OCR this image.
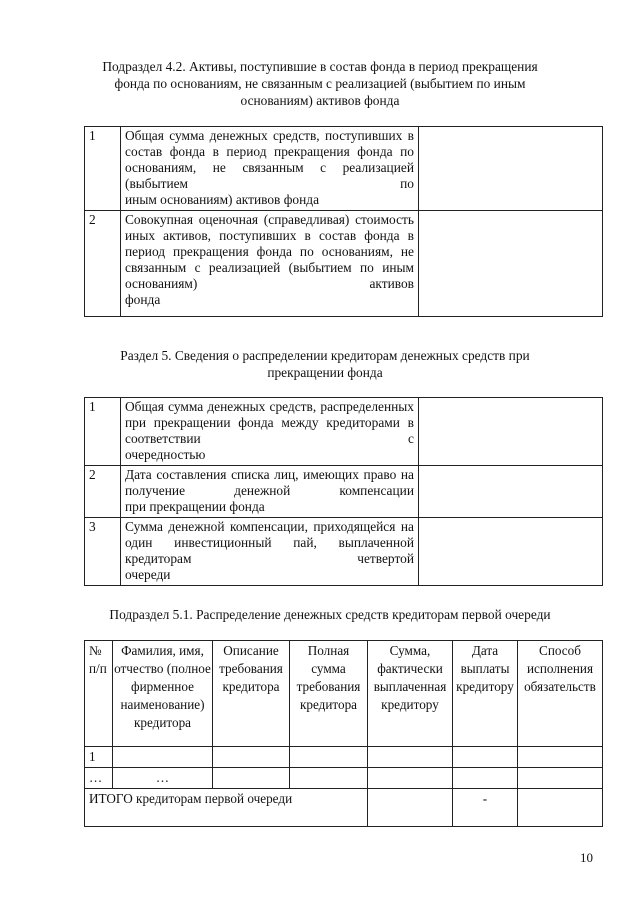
Подраздел 4.2. Активы, поступившие в состав фонда в период прекращения
фонда по основаниям, не связанным с реализацией (выбытием по иным
основаниям) активов фонда
1	Общая сумма денежных средств, поступивших в состав фонда в период прекращения фонда по основаниям, не связанным с реализацией (выбытием по
иным основаниям) активов фонда	

2	Совокупная оценочная (справедливая) стоимость иных активов, поступивших в состав фонда в период прекращения фонда по основаниям, не связанным с реализацией (выбытием по иным основаниям) активов
фонда	

Раздел 5. Сведения о распределении кредиторам денежных средств при
прекращении фонда
1	Общая сумма денежных средств, распределенных при прекращении фонда между кредиторами в соответствии с
очередностью	

2	Дата составления списка лиц, имеющих право на получение денежной компенсации
при прекращении фонда	

3	Сумма денежной компенсации, приходящейся на один инвестиционный пай, выплаченной кредиторам четвертой
очереди	

Подраздел 5.1. Распределение денежных средств кредиторам первой очереди
№ п/п	Фамилия, имя, отчество (полное фирменное наименование) кредитора	Описание требования кредитора	Полная сумма требования кредитора	Сумма, фактически выплаченная кредитору	Дата выплаты кредитору	Способ исполнения обязательств
1						
…	…					
ИТОГО кредиторам первой очереди					-	
10
